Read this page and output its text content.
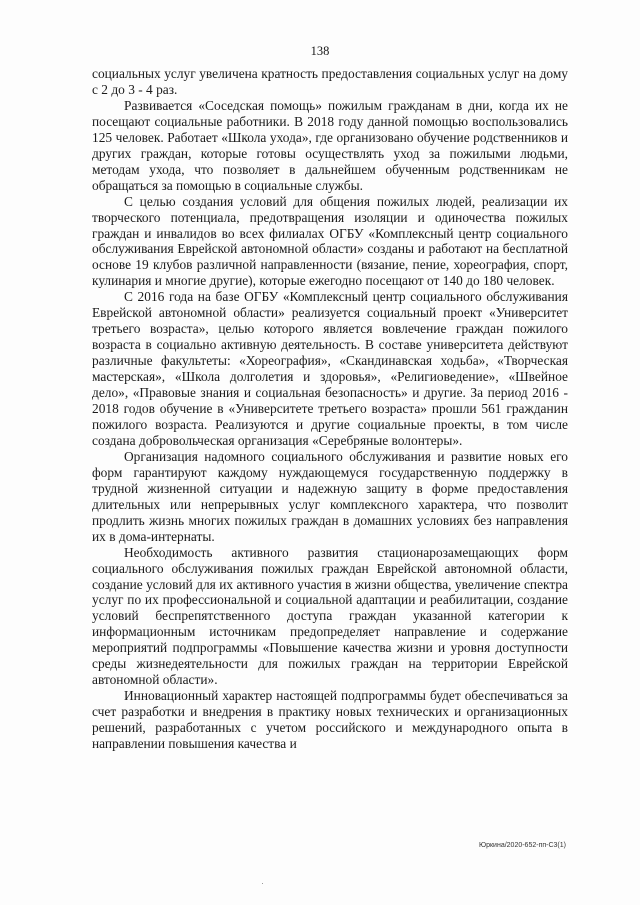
138

социальных услуг увеличена кратность предоставления социальных услуг на дому с 2 до 3 - 4 раз.

Развивается «Соседская помощь» пожилым гражданам в дни, когда их не посещают социальные работники. В 2018 году данной помощью воспользовались 125 человек. Работает «Школа ухода», где организовано обучение родственников и других граждан, которые готовы осуществлять уход за пожилыми людьми, методам ухода, что позволяет в дальнейшем обученным родственникам не обращаться за помощью в социальные службы.

С целью создания условий для общения пожилых людей, реализации их творческого потенциала, предотвращения изоляции и одиночества пожилых граждан и инвалидов во всех филиалах ОГБУ «Комплексный центр социального обслуживания Еврейской автономной области» созданы и работают на бесплатной основе 19 клубов различной направленности (вязание, пение, хореография, спорт, кулинария и многие другие), которые ежегодно посещают от 140 до 180 человек.

С 2016 года на базе ОГБУ «Комплексный центр социального обслуживания Еврейской автономной области» реализуется социальный проект «Университет третьего возраста», целью которого является вовлечение граждан пожилого возраста в социально активную деятельность. В составе университета действуют различные факультеты: «Хореография», «Скандинавская ходьба», «Творческая мастерская», «Школа долголетия и здоровья», «Религиоведение», «Швейное дело», «Правовые знания и социальная безопасность» и другие. За период 2016 - 2018 годов обучение в «Университете третьего возраста» прошли 561 гражданин пожилого возраста. Реализуются и другие социальные проекты, в том числе создана добровольческая организация «Серебряные волонтеры».

Организация надомного социального обслуживания и развитие новых его форм гарантируют каждому нуждающемуся государственную поддержку в трудной жизненной ситуации и надежную защиту в форме предоставления длительных или непрерывных услуг комплексного характера, что позволит продлить жизнь многих пожилых граждан в домашних условиях без направления их в дома-интернаты.

Необходимость активного развития стационарозамещающих форм социального обслуживания пожилых граждан Еврейской автономной области, создание условий для их активного участия в жизни общества, увеличение спектра услуг по их профессиональной и социальной адаптации и реабилитации, создание условий беспрепятственного доступа граждан указанной категории к информационным источникам предопределяет направление и содержание мероприятий подпрограммы «Повышение качества жизни и уровня доступности среды жизнедеятельности для пожилых граждан на территории Еврейской автономной области».

Инновационный характер настоящей подпрограммы будет обеспечиваться за счет разработки и внедрения в практику новых технических и организационных решений, разработанных с учетом российского и международного опыта в направлении повышения качества и

Юркина/2020-652-пп-С3(1)
